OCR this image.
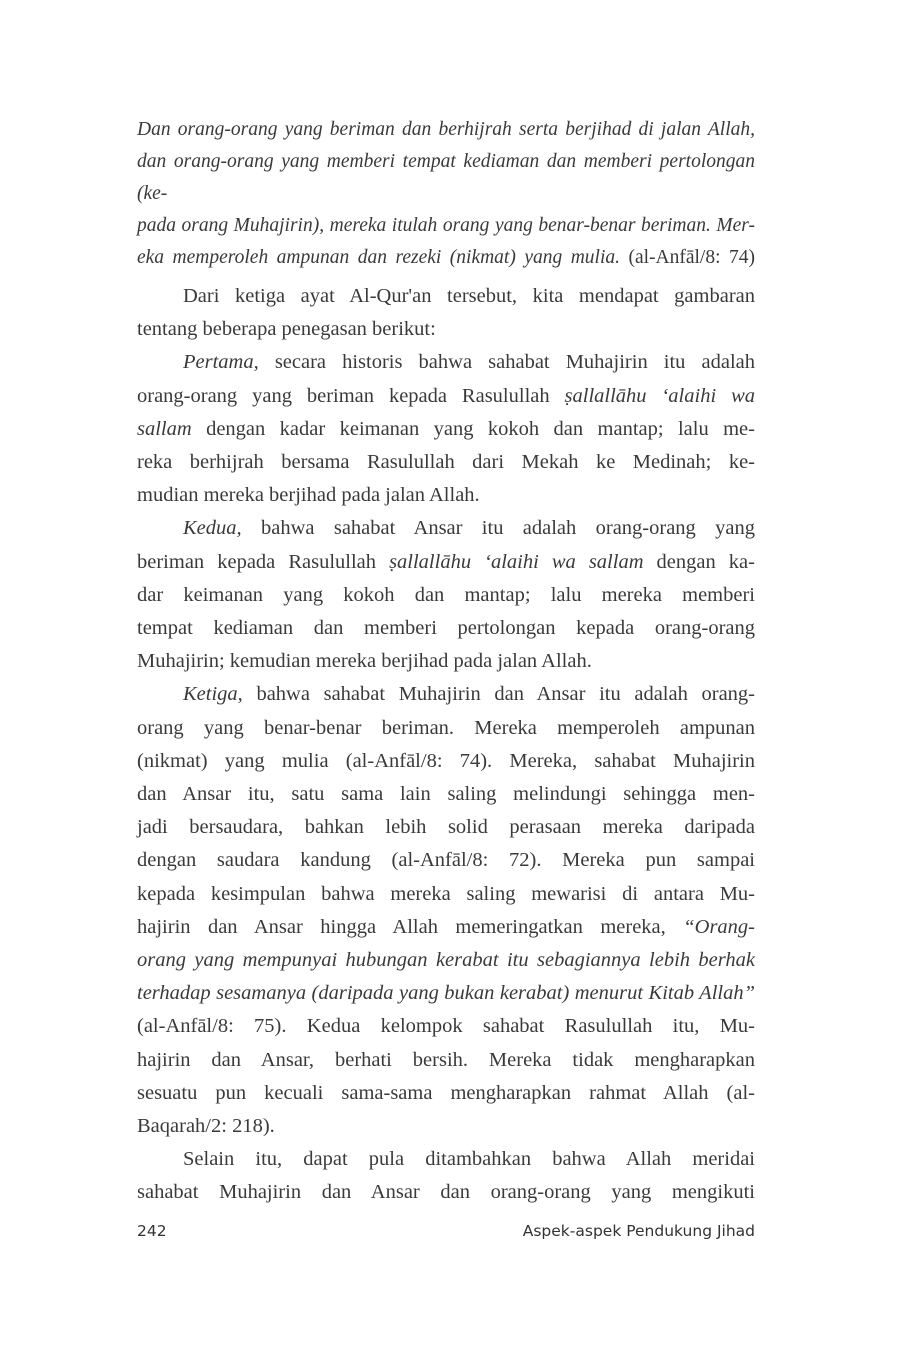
Dan orang-orang yang beriman dan berhijrah serta berjihad di jalan Allah,
dan orang-orang yang memberi tempat kediaman dan memberi pertolongan (ke-
pada orang Muhajirin), mereka itulah orang yang benar-benar beriman. Mer-
eka memperoleh ampunan dan rezeki (nikmat) yang mulia. (al-Anfāl/8: 74)
Dari ketiga ayat Al-Qur'an tersebut, kita mendapat gambaran
tentang beberapa penegasan berikut:
Pertama, secara historis bahwa sahabat Muhajirin itu adalah
orang-orang yang beriman kepada Rasulullah ṣallallāhu ‘alaihi wa
sallam dengan kadar keimanan yang kokoh dan mantap; lalu me-
reka berhijrah bersama Rasulullah dari Mekah ke Medinah; ke-
mudian mereka berjihad pada jalan Allah.
Kedua, bahwa sahabat Ansar itu adalah orang-orang yang
beriman kepada Rasulullah ṣallallāhu ‘alaihi wa sallam dengan ka-
dar keimanan yang kokoh dan mantap; lalu mereka memberi
tempat kediaman dan memberi pertolongan kepada orang-orang
Muhajirin; kemudian mereka berjihad pada jalan Allah.
Ketiga, bahwa sahabat Muhajirin dan Ansar itu adalah orang-
orang yang benar-benar beriman. Mereka memperoleh ampunan
(nikmat) yang mulia (al-Anfāl/8: 74). Mereka, sahabat Muhajirin
dan Ansar itu, satu sama lain saling melindungi sehingga men-
jadi bersaudara, bahkan lebih solid perasaan mereka daripada
dengan saudara kandung (al-Anfāl/8: 72). Mereka pun sampai
kepada kesimpulan bahwa mereka saling mewarisi di antara Mu-
hajirin dan Ansar hingga Allah memeringatkan mereka, “Orang-
orang yang mempunyai hubungan kerabat itu sebagiannya lebih berhak
terhadap sesamanya (daripada yang bukan kerabat) menurut Kitab Allah”
(al-Anfāl/8: 75). Kedua kelompok sahabat Rasulullah itu, Mu-
hajirin dan Ansar, berhati bersih. Mereka tidak mengharapkan
sesuatu pun kecuali sama-sama mengharapkan rahmat Allah (al-
Baqarah/2: 218).
Selain itu, dapat pula ditambahkan bahwa Allah meridai
sahabat Muhajirin dan Ansar dan orang-orang yang mengikuti
242	Aspek-aspek Pendukung Jihad
